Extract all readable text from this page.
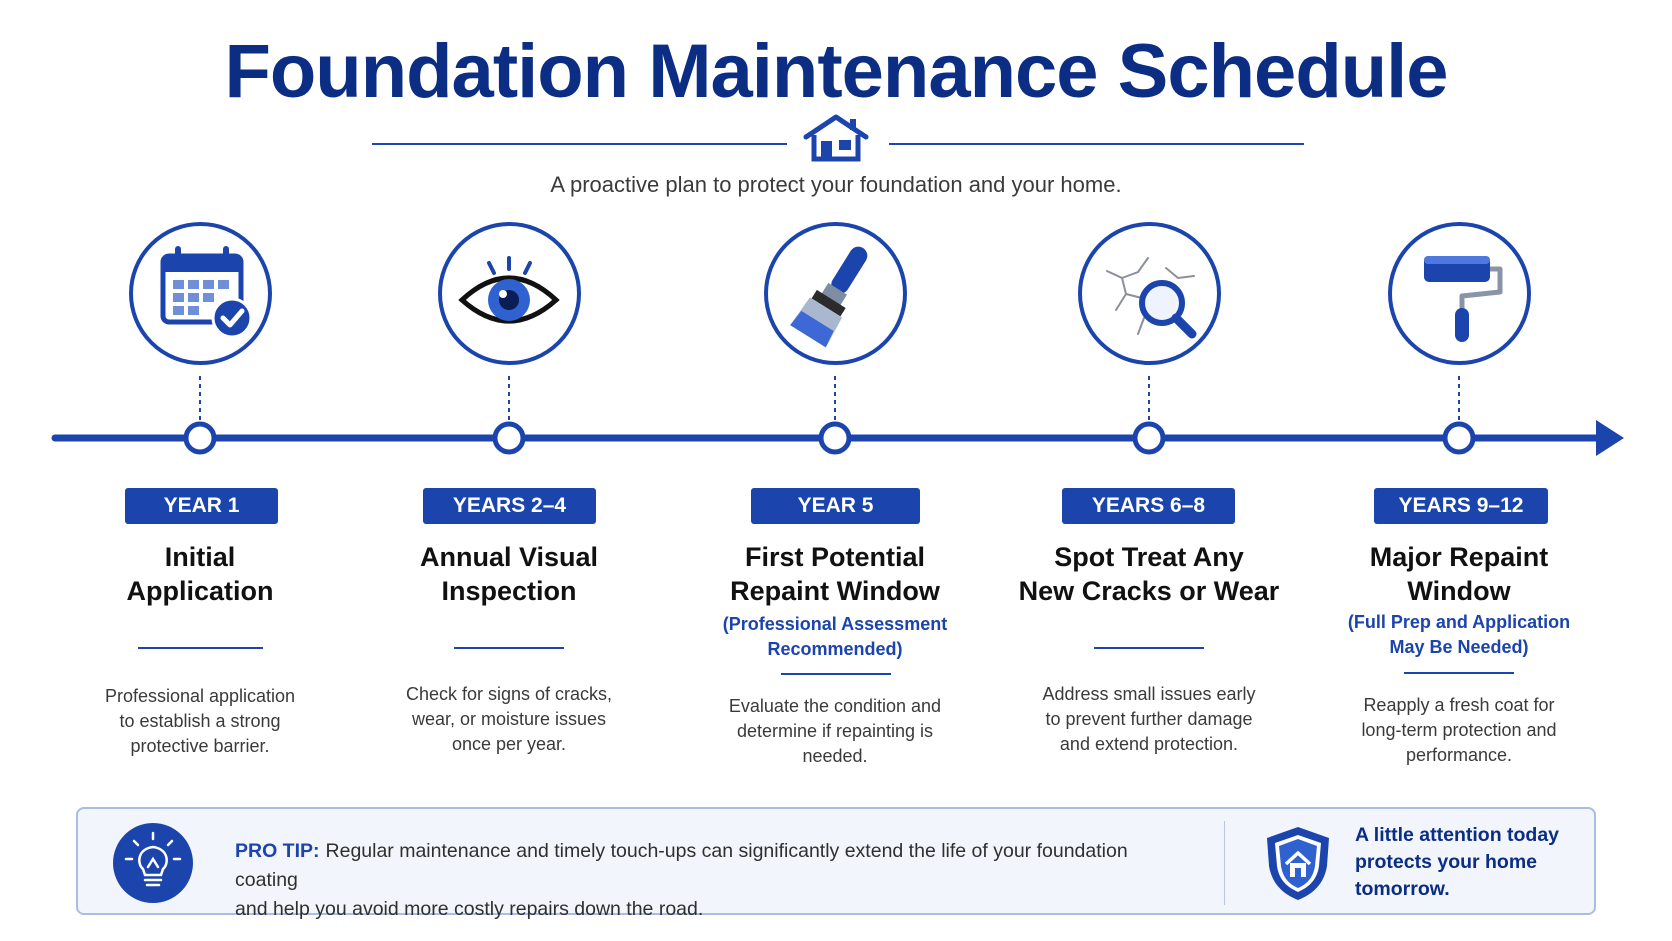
Foundation Maintenance Schedule
A proactive plan to protect your foundation and your home.
YEAR 1
Initial
Application
Professional application
to establish a strong
protective barrier.
YEARS 2–4
Annual Visual
Inspection
Check for signs of cracks,
wear, or moisture issues
once per year.
YEAR 5
First Potential
Repaint Window
(Professional Assessment
Recommended)
Evaluate the condition and
determine if repainting is
needed.
YEARS 6–8
Spot Treat Any
New Cracks or Wear
Address small issues early
to prevent further damage
and extend protection.
YEARS 9–12
Major Repaint
Window
(Full Prep and Application
May Be Needed)
Reapply a fresh coat for
long-term protection and
performance.
PRO TIP: Regular maintenance and timely touch-ups can significantly extend the life of your foundation coating
and help you avoid more costly repairs down the road.
A little attention today
protects your home
tomorrow.
